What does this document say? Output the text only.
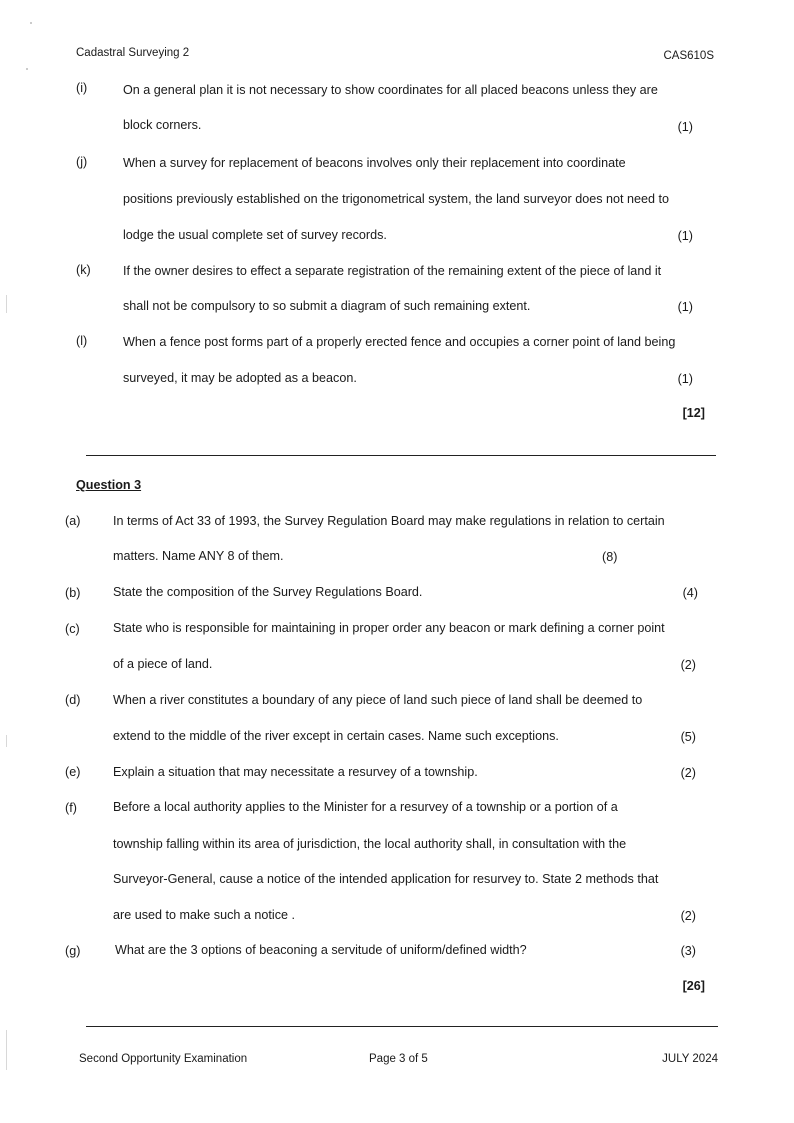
Cadastral Surveying 2	CAS610S
(i)	On a general plan it is not necessary to show coordinates for all placed beacons unless they are
block corners.	(1)
(j)	When a survey for replacement of beacons involves only their replacement into coordinate
positions previously established on the trigonometrical system, the land surveyor does not need to
lodge the usual complete set of survey records.	(1)
(k)	If the owner desires to effect a separate registration of the remaining extent of the piece of land it
shall not be compulsory to so submit a diagram of such remaining extent.	(1)
(l)	When a fence post forms part of a properly erected fence and occupies a corner point of land being
surveyed, it may be adopted as a beacon.	(1)
[12]
Question 3
(a)	In terms of Act 33 of 1993, the Survey Regulation Board may make regulations in relation to certain
matters. Name ANY 8 of them.	(8)
(b)	State the composition of the Survey Regulations Board.	(4)
(c)	State who is responsible for maintaining in proper order any beacon or mark defining a corner point
of a piece of land.	(2)
(d)	When a river constitutes a boundary of any piece of land such piece of land shall be deemed to
extend to the middle of the river except in certain cases. Name such exceptions.	(5)
(e)	Explain a situation that may necessitate a resurvey of a township.	(2)
(f)	Before a local authority applies to the Minister for a resurvey of a township or a portion of a
township falling within its area of jurisdiction, the local authority shall, in consultation with the
Surveyor-General, cause a notice of the intended application for resurvey to. State 2 methods that
are used to make such a notice .	(2)
(g)	What are the 3 options of beaconing a servitude of uniform/defined width?	(3)
[26]
Second Opportunity Examination	Page 3 of 5	JULY 2024
